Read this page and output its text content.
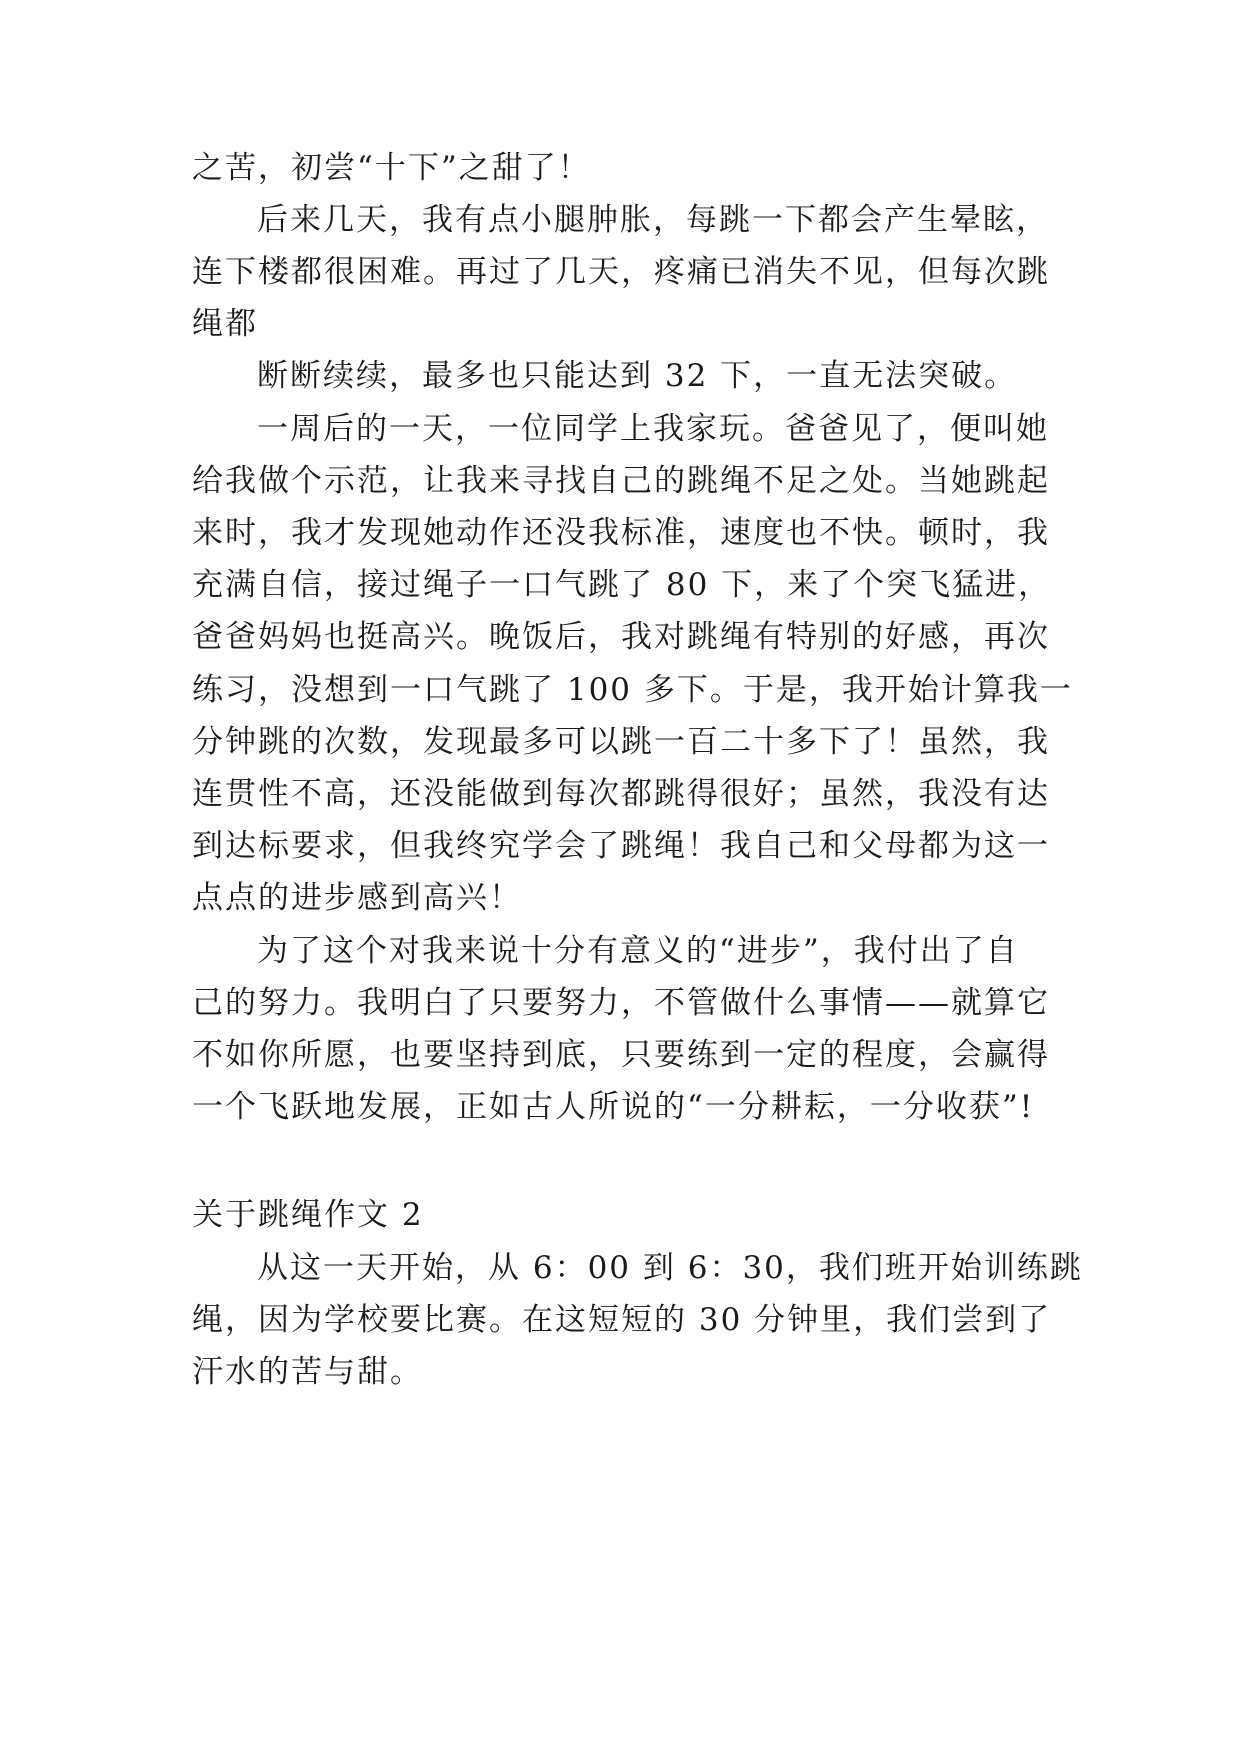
之苦，初尝“十下”之甜了！
后来几天，我有点小腿肿胀，每跳一下都会产生晕眩，
连下楼都很困难。再过了几天，疼痛已消失不见，但每次跳
绳都
断断续续，最多也只能达到 32 下，一直无法突破。
一周后的一天，一位同学上我家玩。爸爸见了，便叫她
给我做个示范，让我来寻找自己的跳绳不足之处。当她跳起
来时，我才发现她动作还没我标准，速度也不快。顿时，我
充满自信，接过绳子一口气跳了 80 下，来了个突飞猛进，
爸爸妈妈也挺高兴。晚饭后，我对跳绳有特别的好感，再次
练习，没想到一口气跳了 100 多下。于是，我开始计算我一
分钟跳的次数，发现最多可以跳一百二十多下了！虽然，我
连贯性不高，还没能做到每次都跳得很好；虽然，我没有达
到达标要求，但我终究学会了跳绳！我自己和父母都为这一
点点的进步感到高兴！
为了这个对我来说十分有意义的“进步”，我付出了自
己的努力。我明白了只要努力，不管做什么事情——就算它
不如你所愿，也要坚持到底，只要练到一定的程度，会赢得
一个飞跃地发展，正如古人所说的“一分耕耘，一分收获”!
关于跳绳作文 2
从这一天开始，从 6：00 到 6：30，我们班开始训练跳
绳，因为学校要比赛。在这短短的 30 分钟里，我们尝到了
汗水的苦与甜。
